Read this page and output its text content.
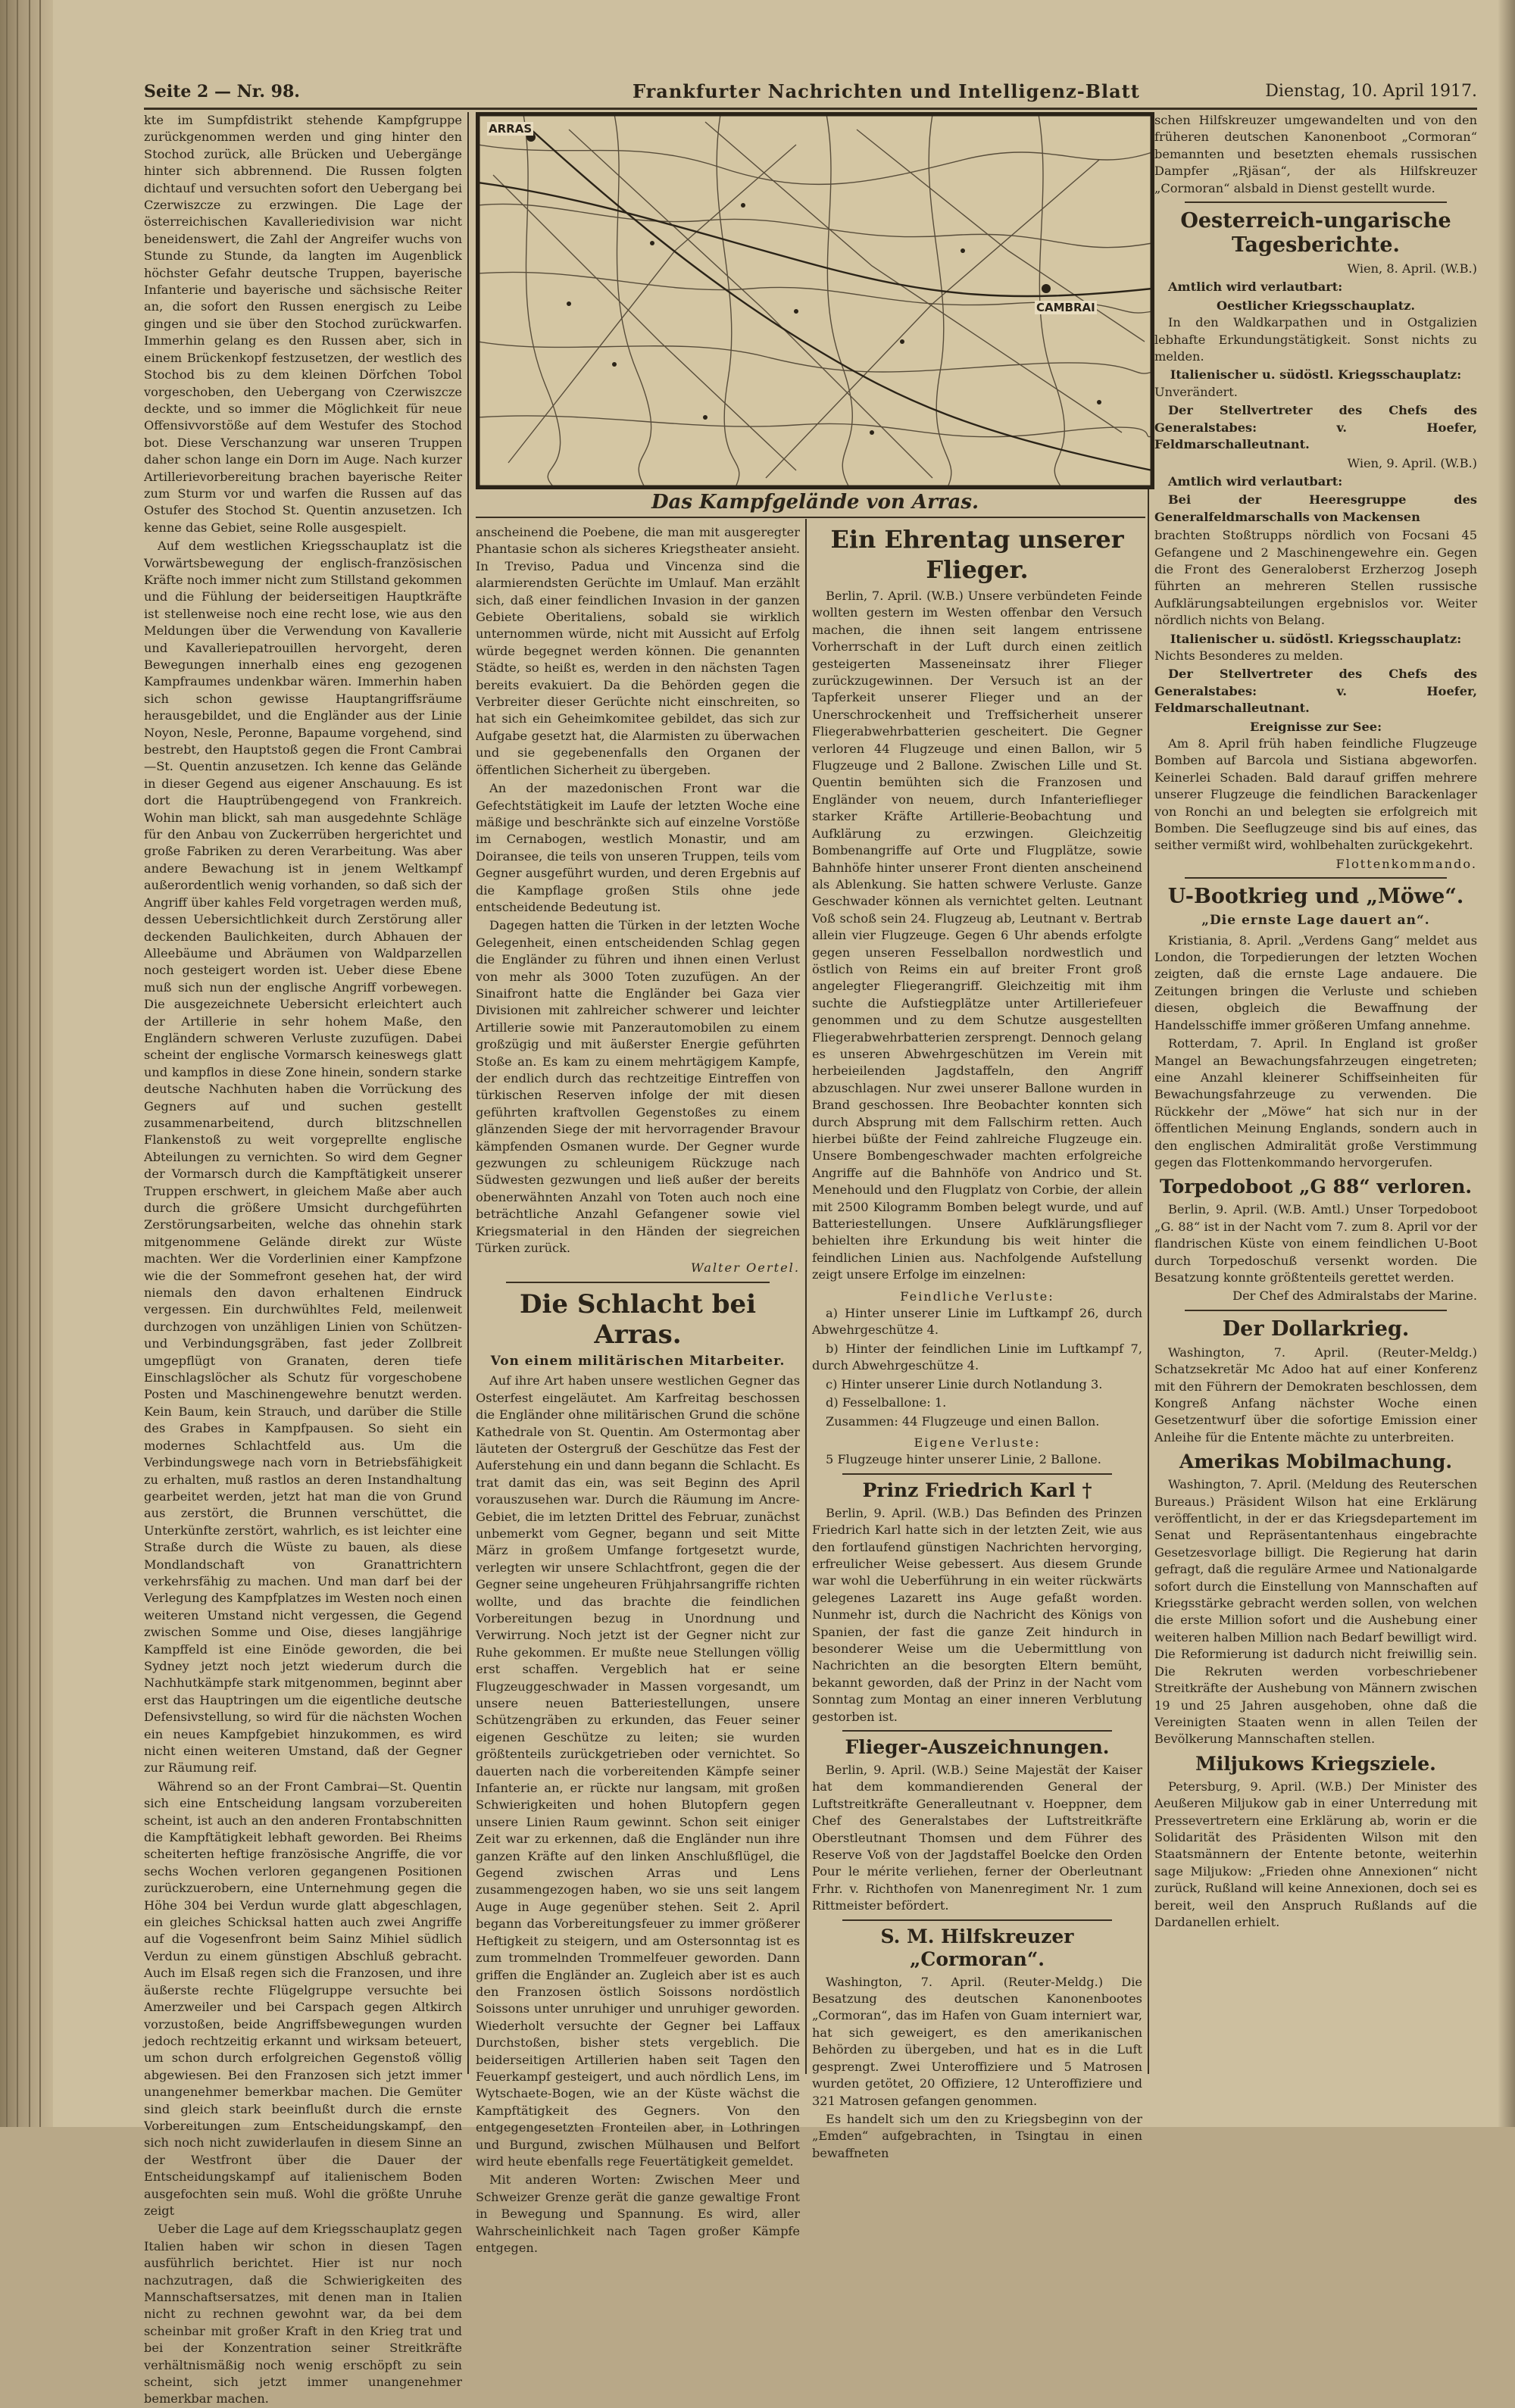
Seite 2 — Nr. 98.	Frankfurter Nachrichten und Intelligenz-Blatt	Dienstag, 10. April 1917.
ARRAS
CAMBRAI
Das Kampfgelände von Arras.

kte im Sumpfdistrikt stehende Kampfgruppe zurückgenommen werden und ging hinter den Stochod zurück, alle Brücken und Uebergänge hinter sich abbrennend. Die Russen folgten dichtauf und versuchten sofort den Uebergang bei Czerwiszcze zu erzwingen. Die Lage der österreichischen Kavalleriedivision war nicht beneidenswert, die Zahl der Angreifer wuchs von Stunde zu Stunde, da langten im Augenblick höchster Gefahr deutsche Truppen, bayerische Infanterie und bayerische und sächsische Reiter an, die sofort den Russen energisch zu Leibe gingen und sie über den Stochod zurückwarfen. Immerhin gelang es den Russen aber, sich in einem Brückenkopf festzusetzen, der westlich des Stochod bis zu dem kleinen Dörfchen Tobol vorgeschoben, den Uebergang von Czerwiszcze deckte, und so immer die Möglichkeit für neue Offensivvorstöße auf dem Westufer des Stochod bot. Diese Verschanzung war unseren Truppen daher schon lange ein Dorn im Auge. Nach kurzer Artillerievorbereitung brachen bayerische Reiter zum Sturm vor und warfen die Russen auf das Ostufer des Stochod St. Quentin anzusetzen. Ich kenne das Gebiet, seine Rolle ausgespielt.

Auf dem westlichen Kriegsschauplatz ist die Vorwärtsbewegung der englisch-französischen Kräfte noch immer nicht zum Stillstand gekommen und die Fühlung der beiderseitigen Hauptkräfte ist stellenweise noch eine recht lose, wie aus den Meldungen über die Verwendung von Kavallerie und Kavalleriepatrouillen hervorgeht, deren Bewegungen innerhalb eines eng gezogenen Kampfraumes undenkbar wären. Immerhin haben sich schon gewisse Hauptangriffsräume herausgebildet, und die Engländer aus der Linie Noyon, Nesle, Peronne, Bapaume vorgehend, sind bestrebt, den Hauptstoß gegen die Front Cambrai—St. Quentin anzusetzen. Ich kenne das Gelände in dieser Gegend aus eigener Anschauung. Es ist dort die Hauptrübengegend von Frankreich. Wohin man blickt, sah man ausgedehnte Schläge für den Anbau von Zuckerrüben hergerichtet und große Fabriken zu deren Verarbeitung. Was aber andere Bewachung ist in jenem Weltkampf außerordentlich wenig vorhanden, so daß sich der Angriff über kahles Feld vorgetragen werden muß, dessen Uebersichtlichkeit durch Zerstörung aller deckenden Baulichkeiten, durch Abhauen der Alleebäume und Abräumen von Waldparzellen noch gesteigert worden ist. Ueber diese Ebene muß sich nun der englische Angriff vorbewegen. Die ausgezeichnete Uebersicht erleichtert auch der Artillerie in sehr hohem Maße, den Engländern schweren Verluste zuzufügen. Dabei scheint der englische Vormarsch keineswegs glatt und kampflos in diese Zone hinein, sondern starke deutsche Nachhuten haben die Vorrückung des Gegners auf und suchen gestellt zusammenarbeitend, durch blitzschnellen Flankenstoß zu weit vorgeprellte englische Abteilungen zu vernichten. So wird dem Gegner der Vormarsch durch die Kampftätigkeit unserer Truppen erschwert, in gleichem Maße aber auch durch die größere Umsicht durchgeführten Zerstörungsarbeiten, welche das ohnehin stark mitgenommene Gelände direkt zur Wüste machten. Wer die Vorderlinien einer Kampfzone wie die der Sommefront gesehen hat, der wird niemals den davon erhaltenen Eindruck vergessen. Ein durchwühltes Feld, meilenweit durchzogen von unzähligen Linien von Schützen- und Verbindungsgräben, fast jeder Zollbreit umgepflügt von Granaten, deren tiefe Einschlagslöcher als Schutz für vorgeschobene Posten und Maschinengewehre benutzt werden. Kein Baum, kein Strauch, und darüber die Stille des Grabes in Kampfpausen. So sieht ein modernes Schlachtfeld aus. Um die Verbindungswege nach vorn in Betriebsfähigkeit zu erhalten, muß rastlos an deren Instandhaltung gearbeitet werden, jetzt hat man die von Grund aus zerstört, die Brunnen verschüttet, die Unterkünfte zerstört, wahrlich, es ist leichter eine Straße durch die Wüste zu bauen, als diese Mondlandschaft von Granattrichtern verkehrsfähig zu machen. Und man darf bei der Verlegung des Kampfplatzes im Westen noch einen weiteren Umstand nicht vergessen, die Gegend zwischen Somme und Oise, dieses langjährige Kampffeld ist eine Einöde geworden, die bei Sydney jetzt noch jetzt wiederum durch die Nachhutkämpfe stark mitgenommen, beginnt aber erst das Hauptringen um die eigentliche deutsche Defensivstellung, so wird für die nächsten Wochen ein neues Kampfgebiet hinzukommen, es wird nicht einen weiteren Umstand, daß der Gegner zur Räumung reif.

Während so an der Front Cambrai—St. Quentin sich eine Entscheidung langsam vorzubereiten scheint, ist auch an den anderen Frontabschnitten die Kampftätigkeit lebhaft geworden. Bei Rheims scheiterten heftige französische Angriffe, die vor sechs Wochen verloren gegangenen Positionen zurückzuerobern, eine Unternehmung gegen die Höhe 304 bei Verdun wurde glatt abgeschlagen, ein gleiches Schicksal hatten auch zwei Angriffe auf die Vogesenfront beim Sainz Mihiel südlich Verdun zu einem günstigen Abschluß gebracht. Auch im Elsaß regen sich die Franzosen, und ihre äußerste rechte Flügelgruppe versuchte bei Amerzweiler und bei Carspach gegen Altkirch vorzustoßen, beide Angriffsbewegungen wurden jedoch rechtzeitig erkannt und wirksam beteuert, um schon durch erfolgreichen Gegenstoß völlig abgewiesen. Bei den Franzosen sich jetzt immer unangenehmer bemerkbar machen. Die Gemüter sind gleich stark beeinflußt durch die ernste Vorbereitungen zum Entscheidungskampf, den sich noch nicht zuwiderlaufen in diesem Sinne an der Westfront über die Dauer der Entscheidungskampf auf italienischem Boden ausgefochten sein muß. Wohl die größte Unruhe zeigt

Ueber die Lage auf dem Kriegsschauplatz gegen Italien haben wir schon in diesen Tagen ausführlich berichtet. Hier ist nur noch nachzutragen, daß die Schwierigkeiten des Mannschaftsersatzes, mit denen man in Italien nicht zu rechnen gewohnt war, da bei dem scheinbar mit großer Kraft in den Krieg trat und bei der Konzentration seiner Streitkräfte verhältnismäßig noch wenig erschöpft zu sein scheint, sich jetzt immer unangenehmer bemerkbar machen.

anscheinend die Poebene, die man mit ausgeregter Phantasie schon als sicheres Kriegstheater ansieht. In Treviso, Padua und Vincenza sind die alarmierendsten Gerüchte im Umlauf. Man erzählt sich, daß einer feindlichen Invasion in der ganzen Gebiete Oberitaliens, sobald sie wirklich unternommen würde, nicht mit Aussicht auf Erfolg würde begegnet werden können. Die genannten Städte, so heißt es, werden in den nächsten Tagen bereits evakuiert. Da die Behörden gegen die Verbreiter dieser Gerüchte nicht einschreiten, so hat sich ein Geheimkomitee gebildet, das sich zur Aufgabe gesetzt hat, die Alarmisten zu überwachen und sie gegebenenfalls den Organen der öffentlichen Sicherheit zu übergeben.

An der mazedonischen Front war die Gefechtstätigkeit im Laufe der letzten Woche eine mäßige und beschränkte sich auf einzelne Vorstöße im Cernabogen, westlich Monastir, und am Doiransee, die teils von unseren Truppen, teils vom Gegner ausgeführt wurden, und deren Ergebnis auf die Kampflage großen Stils ohne jede entscheidende Bedeutung ist.

Dagegen hatten die Türken in der letzten Woche Gelegenheit, einen entscheidenden Schlag gegen die Engländer zu führen und ihnen einen Verlust von mehr als 3000 Toten zuzufügen. An der Sinaifront hatte die Engländer bei Gaza vier Divisionen mit zahlreicher schwerer und leichter Artillerie sowie mit Panzerautomobilen zu einem großzügig und mit äußerster Energie geführten Stoße an. Es kam zu einem mehrtägigem Kampfe, der endlich durch das rechtzeitige Eintreffen von türkischen Reserven infolge der mit diesen geführten kraftvollen Gegenstoßes zu einem glänzenden Siege der mit hervorragender Bravour kämpfenden Osmanen wurde. Der Gegner wurde gezwungen zu schleunigem Rückzuge nach Südwesten gezwungen und ließ außer der bereits obenerwähnten Anzahl von Toten auch noch eine beträchtliche Anzahl Gefangener sowie viel Kriegsmaterial in den Händen der siegreichen Türken zurück.

Walter Oertel.
Die Schlacht bei Arras.
Von einem militärischen Mitarbeiter.

Auf ihre Art haben unsere westlichen Gegner das Osterfest eingeläutet. Am Karfreitag beschossen die Engländer ohne militärischen Grund die schöne Kathedrale von St. Quentin. Am Ostermontag aber läuteten der Ostergruß der Geschütze das Fest der Auferstehung ein und dann begann die Schlacht. Es trat damit das ein, was seit Beginn des April vorauszusehen war. Durch die Räumung im Ancre-Gebiet, die im letzten Drittel des Februar, zunächst unbemerkt vom Gegner, begann und seit Mitte März in großem Umfange fortgesetzt wurde, verlegten wir unsere Schlachtfront, gegen die der Gegner seine ungeheuren Frühjahrsangriffe richten wollte, und das brachte die feindlichen Vorbereitungen bezug in Unordnung und Verwirrung. Noch jetzt ist der Gegner nicht zur Ruhe gekommen. Er mußte neue Stellungen völlig erst schaffen. Vergeblich hat er seine Flugzeuggeschwader in Massen vorgesandt, um unsere neuen Batteriestellungen, unsere Schützengräben zu erkunden, das Feuer seiner eigenen Geschütze zu leiten; sie wurden größtenteils zurückgetrieben oder vernichtet. So dauerten nach die vorbereitenden Kämpfe seiner Infanterie an, er rückte nur langsam, mit großen Schwierigkeiten und hohen Blutopfern gegen unsere Linien Raum gewinnt. Schon seit einiger Zeit war zu erkennen, daß die Engländer nun ihre ganzen Kräfte auf den linken Anschlußflügel, die Gegend zwischen Arras und Lens zusammengezogen haben, wo sie uns seit langem Auge in Auge gegenüber stehen. Seit 2. April begann das Vorbereitungsfeuer zu immer größerer Heftigkeit zu steigern, und am Ostersonntag ist es zum trommelnden Trommelfeuer geworden. Dann griffen die Engländer an. Zugleich aber ist es auch den Franzosen östlich Soissons nordöstlich Soissons unter unruhiger und unruhiger geworden. Wiederholt versuchte der Gegner bei Laffaux Durchstoßen, bisher stets vergeblich. Die beiderseitigen Artillerien haben seit Tagen den Feuerkampf gesteigert, und auch nördlich Lens, im Wytschaete-Bogen, wie an der Küste wächst die Kampftätigkeit des Gegners. Von den entgegengesetzten Fronteilen aber, in Lothringen und Burgund, zwischen Mülhausen und Belfort wird heute ebenfalls rege Feuertätigkeit gemeldet.

Mit anderen Worten: Zwischen Meer und Schweizer Grenze gerät die ganze gewaltige Front in Bewegung und Spannung. Es wird, aller Wahrscheinlichkeit nach Tagen großer Kämpfe entgegen.

Ein Ehrentag unserer Flieger.

Berlin, 7. April. (W.B.) Unsere verbündeten Feinde wollten gestern im Westen offenbar den Versuch machen, die ihnen seit langem entrissene Vorherrschaft in der Luft durch einen zeitlich gesteigerten Masseneinsatz ihrer Flieger zurückzugewinnen. Der Versuch ist an der Tapferkeit unserer Flieger und an der Unerschrockenheit und Treffsicherheit unserer Fliegerabwehrbatterien gescheitert. Die Gegner verloren 44 Flugzeuge und einen Ballon, wir 5 Flugzeuge und 2 Ballone. Zwischen Lille und St. Quentin bemühten sich die Franzosen und Engländer von neuem, durch Infanterieflieger starker Kräfte Artillerie-Beobachtung und Aufklärung zu erzwingen. Gleichzeitig Bombenangriffe auf Orte und Flugplätze, sowie Bahnhöfe hinter unserer Front dienten anscheinend als Ablenkung. Sie hatten schwere Verluste. Ganze Geschwader können als vernichtet gelten. Leutnant Voß schoß sein 24. Flugzeug ab, Leutnant v. Bertrab allein vier Flugzeuge. Gegen 6 Uhr abends erfolgte gegen unseren Fesselballon nordwestlich und östlich von Reims ein auf breiter Front groß angelegter Fliegerangriff. Gleichzeitig mit ihm suchte die Aufstiegplätze unter Artilleriefeuer genommen und zu dem Schutze ausgestellten Fliegerabwehrbatterien zersprengt. Dennoch gelang es unseren Abwehrgeschützen im Verein mit herbeieilenden Jagdstaffeln, den Angriff abzuschlagen. Nur zwei unserer Ballone wurden in Brand geschossen. Ihre Beobachter konnten sich durch Absprung mit dem Fallschirm retten. Auch hierbei büßte der Feind zahlreiche Flugzeuge ein. Unsere Bombengeschwader machten erfolgreiche Angriffe auf die Bahnhöfe von Andrico und St. Menehould und den Flugplatz von Corbie, der allein mit 2500 Kilogramm Bomben belegt wurde, und auf Batteriestellungen. Unsere Aufklärungsflieger behielten ihre Erkundung bis weit hinter die feindlichen Linien aus. Nachfolgende Aufstellung zeigt unsere Erfolge im einzelnen:

Feindliche Verluste:

a) Hinter unserer Linie im Luftkampf 26, durch Abwehrgeschütze 4.

b) Hinter der feindlichen Linie im Luftkampf 7, durch Abwehrgeschütze 4.

c) Hinter unserer Linie durch Notlandung 3.

d) Fesselballone: 1.

Zusammen: 44 Flugzeuge und einen Ballon.

Eigene Verluste:

5 Flugzeuge hinter unserer Linie, 2 Ballone.

Prinz Friedrich Karl †

Berlin, 9. April. (W.B.) Das Befinden des Prinzen Friedrich Karl hatte sich in der letzten Zeit, wie aus den fortlaufend günstigen Nachrichten hervorging, erfreulicher Weise gebessert. Aus diesem Grunde war wohl die Ueberführung in ein weiter rückwärts gelegenes Lazarett ins Auge gefaßt worden. Nunmehr ist, durch die Nachricht des Königs von Spanien, der fast die ganze Zeit hindurch in besonderer Weise um die Uebermittlung von Nachrichten an die besorgten Eltern bemüht, bekannt geworden, daß der Prinz in der Nacht vom Sonntag zum Montag an einer inneren Verblutung gestorben ist.

Flieger-Auszeichnungen.

Berlin, 9. April. (W.B.) Seine Majestät der Kaiser hat dem kommandierenden General der Luftstreitkräfte Generalleutnant v. Hoeppner, dem Chef des Generalstabes der Luftstreitkräfte Oberstleutnant Thomsen und dem Führer des Reserve Voß von der Jagdstaffel Boelcke den Orden Pour le mérite verliehen, ferner der Oberleutnant Frhr. v. Richthofen von Manenregiment Nr. 1 zum Rittmeister befördert.

S. M. Hilfskreuzer „Cormoran“.

Washington, 7. April. (Reuter-Meldg.) Die Besatzung des deutschen Kanonenbootes „Cormoran“, das im Hafen von Guam interniert war, hat sich geweigert, es den amerikanischen Behörden zu übergeben, und hat es in die Luft gesprengt. Zwei Unteroffiziere und 5 Matrosen wurden getötet, 20 Offiziere, 12 Unteroffiziere und 321 Matrosen gefangen genommen.

Es handelt sich um den zu Kriegsbeginn von der „Emden“ aufgebrachten, in Tsingtau in einen bewaffneten

schen Hilfskreuzer umgewandelten und von den früheren deutschen Kanonenboot „Cormoran“ bemannten und besetzten ehemals russischen Dampfer „Rjäsan“, der als Hilfskreuzer „Cormoran“ alsbald in Dienst gestellt wurde.

Oesterreich-ungarische Tagesberichte.

Wien, 8. April. (W.B.)

Amtlich wird verlautbart:

Oestlicher Kriegsschauplatz.

In den Waldkarpathen und in Ostgalizien lebhafte Erkundungstätigkeit. Sonst nichts zu melden.

Italienischer u. südöstl. Kriegsschauplatz:

Unverändert.

Der Stellvertreter des Chefs des Generalstabes: v. Hoefer, Feldmarschalleutnant.

Wien, 9. April. (W.B.)

Amtlich wird verlautbart:

Bei der Heeresgruppe des Generalfeldmarschalls von Mackensen

brachten Stoßtrupps nördlich von Focsani 45 Gefangene und 2 Maschinengewehre ein. Gegen die Front des Generaloberst Erzherzog Joseph führten an mehreren Stellen russische Aufklärungsabteilungen ergebnislos vor. Weiter nördlich nichts von Belang.

Italienischer u. südöstl. Kriegsschauplatz:

Nichts Besonderes zu melden.

Der Stellvertreter des Chefs des Generalstabes: v. Hoefer, Feldmarschalleutnant.

Ereignisse zur See:

Am 8. April früh haben feindliche Flugzeuge Bomben auf Barcola und Sistiana abgeworfen. Keinerlei Schaden. Bald darauf griffen mehrere unserer Flugzeuge die feindlichen Barackenlager von Ronchi an und belegten sie erfolgreich mit Bomben. Die Seeflugzeuge sind bis auf eines, das seither vermißt wird, wohlbehalten zurückgekehrt.

Flottenkommando.

U-Bootkrieg und „Möwe“.
„Die ernste Lage dauert an“.

Kristiania, 8. April. „Verdens Gang“ meldet aus London, die Torpedierungen der letzten Wochen zeigten, daß die ernste Lage andauere. Die Zeitungen bringen die Verluste und schieben diesen, obgleich die Bewaffnung der Handelsschiffe immer größeren Umfang annehme.

Rotterdam, 7. April. In England ist großer Mangel an Bewachungsfahrzeugen eingetreten; eine Anzahl kleinerer Schiffseinheiten für Bewachungsfahrzeuge zu verwenden. Die Rückkehr der „Möwe“ hat sich nur in der öffentlichen Meinung Englands, sondern auch in den englischen Admiralität große Verstimmung gegen das Flottenkommando hervorgerufen.

Torpedoboot „G 88“ verloren.

Berlin, 9. April. (W.B. Amtl.) Unser Torpedoboot „G. 88“ ist in der Nacht vom 7. zum 8. April vor der flandrischen Küste von einem feindlichen U-Boot durch Torpedoschuß versenkt worden. Die Besatzung konnte größtenteils gerettet werden.

Der Chef des Admiralstabs der Marine.

Der Dollarkrieg.

Washington, 7. April. (Reuter-Meldg.) Schatzsekretär Mc Adoo hat auf einer Konferenz mit den Führern der Demokraten beschlossen, dem Kongreß Anfang nächster Woche einen Gesetzentwurf über die sofortige Emission einer Anleihe für die Entente mächte zu unterbreiten.

Amerikas Mobilmachung.

Washington, 7. April. (Meldung des Reuterschen Bureaus.) Präsident Wilson hat eine Erklärung veröffentlicht, in der er das Kriegsdepartement im Senat und Repräsentantenhaus eingebrachte Gesetzesvorlage billigt. Die Regierung hat darin gefragt, daß die reguläre Armee und Nationalgarde sofort durch die Einstellung von Mannschaften auf Kriegsstärke gebracht werden sollen, von welchen die erste Million sofort und die Aushebung einer weiteren halben Million nach Bedarf bewilligt wird. Die Reformierung ist dadurch nicht freiwillig sein. Die Rekruten werden vorbeschriebener Streitkräfte der Aushebung von Männern zwischen 19 und 25 Jahren ausgehoben, ohne daß die Vereinigten Staaten wenn in allen Teilen der Bevölkerung Mannschaften stellen.

Miljukows Kriegsziele.

Petersburg, 9. April. (W.B.) Der Minister des Aeußeren Miljukow gab in einer Unterredung mit Pressevertretern eine Erklärung ab, worin er die Solidarität des Präsidenten Wilson mit den Staatsmännern der Entente betonte, weiterhin sage Miljukow: „Frieden ohne Annexionen“ nicht zurück, Rußland will keine Annexionen, doch sei es bereit, weil den Anspruch Rußlands auf die Dardanellen erhielt.
